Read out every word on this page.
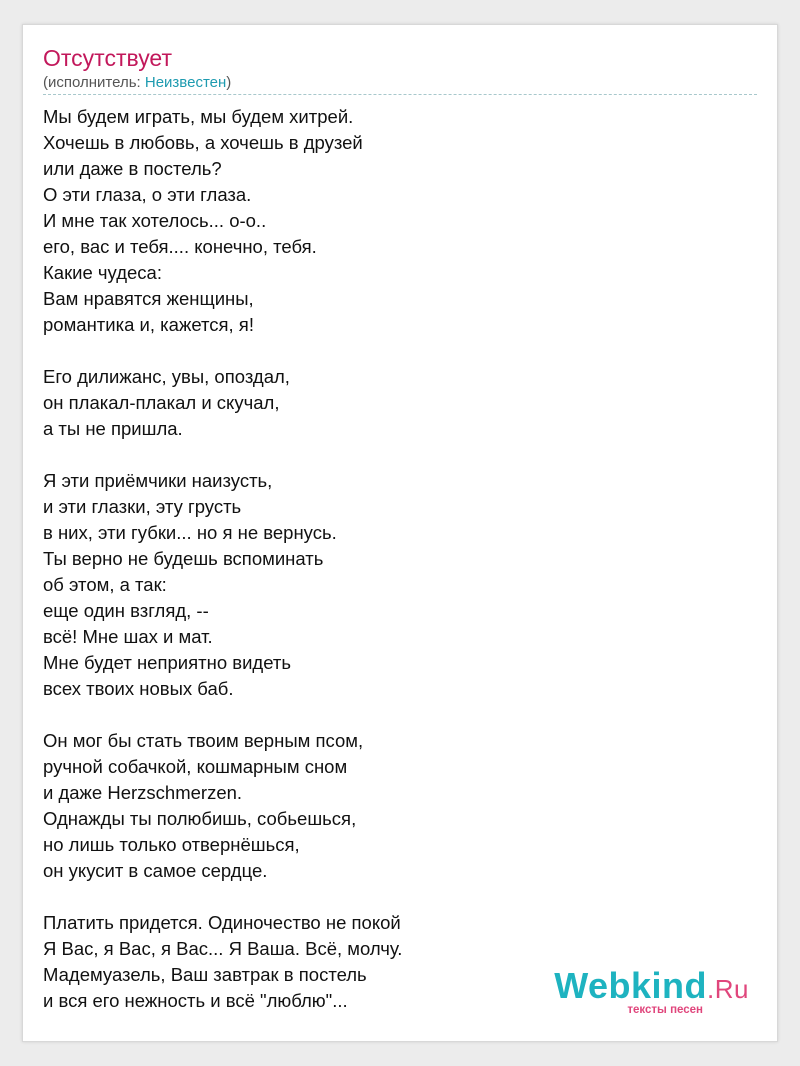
Отсутствует
(исполнитель: Неизвестен)
Мы будем играть, мы будем хитрей.
Хочешь в любовь, а хочешь в друзей
или даже в постель?
О эти глаза, о эти глаза.
И мне так хотелось... о-о..
его, вас и тебя.... конечно, тебя.
Какие чудеса:
Вам нравятся женщины,
романтика и, кажется, я!
Его дилижанс, увы, опоздал,
он плакал-плакал и скучал,
а ты не пришла.
Я эти приёмчики наизусть,
и эти глазки, эту грусть
в них, эти губки... но я не вернусь.
Ты верно не будешь вспоминать
об этом, а так:
еще один взгляд, --
всё! Мне шах и мат.
Мне будет неприятно видеть
всех твоих новых баб.
Он мог бы стать твоим верным псом,
ручной собачкой, кошмарным сном
и даже Herzschmerzen.
Однажды ты полюбишь, собьешься,
но лишь только отвернёшься,
он укусит в самое сердце.
Платить придется. Одиночество не покой
Я Вас, я Вас, я Вас... Я Ваша. Всё, молчу.
Мадемуазель, Ваш завтрак в постель
и вся его нежность и всё "люблю"...	Webkind.Ru
тексты песен
